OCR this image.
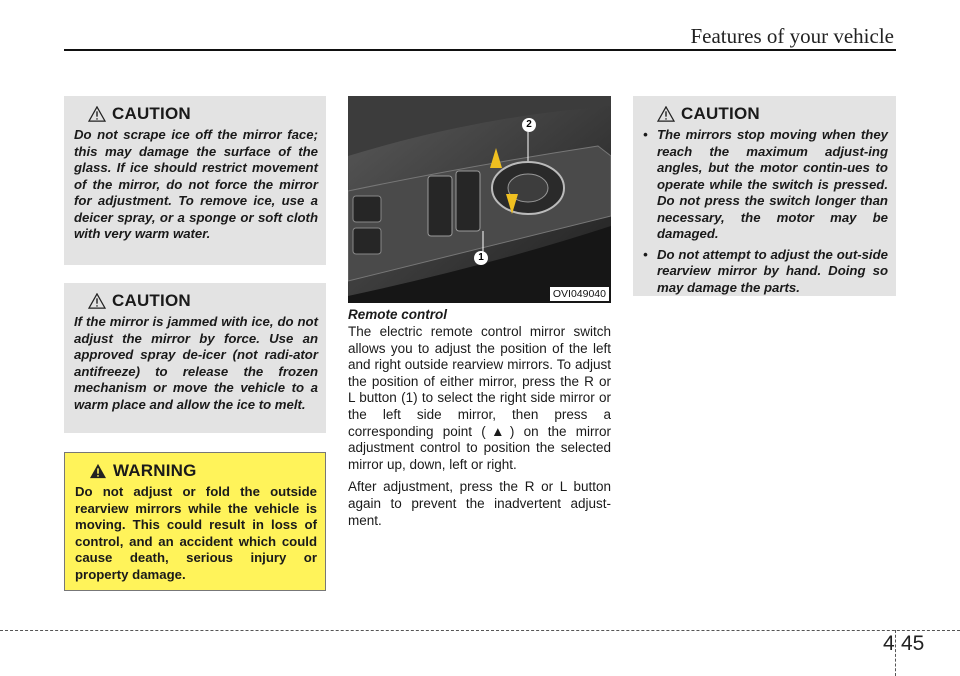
Features of your vehicle
CAUTION
Do not scrape ice off the mirror face; this may damage the surface of the glass. If ice should restrict movement of the mirror, do not force the mirror for adjustment. To remove ice, use a deicer spray, or a sponge or soft cloth with very warm water.
CAUTION
If the mirror is jammed with ice, do not adjust the mirror by force. Use an approved spray de-icer (not radi-ator antifreeze) to release the frozen mechanism or move the vehicle to a warm place and allow the ice to melt.
WARNING
Do not adjust or fold the outside rearview mirrors while the vehicle is moving. This could result in loss of control, and an accident which could cause death, serious injury or property damage.
1
2
OVI049040
Remote control

The electric remote control mirror switch allows you to adjust the position of the left and right outside rearview mirrors. To adjust the position of either mirror, press the R or L button (1) to select the right side mirror or the left side mirror, then press a corresponding point (▲) on the mirror adjustment control to position the selected mirror up, down, left or right.

After adjustment, press the R or L button again to prevent the inadvertent adjust-ment.

CAUTION
• The mirrors stop moving when they reach the maximum adjust-ing angles, but the motor contin-ues to operate while the switch is pressed. Do not press the switch longer than necessary, the motor may be damaged.
• Do not attempt to adjust the out-side rearview mirror by hand. Doing so may damage the parts.
4 45
